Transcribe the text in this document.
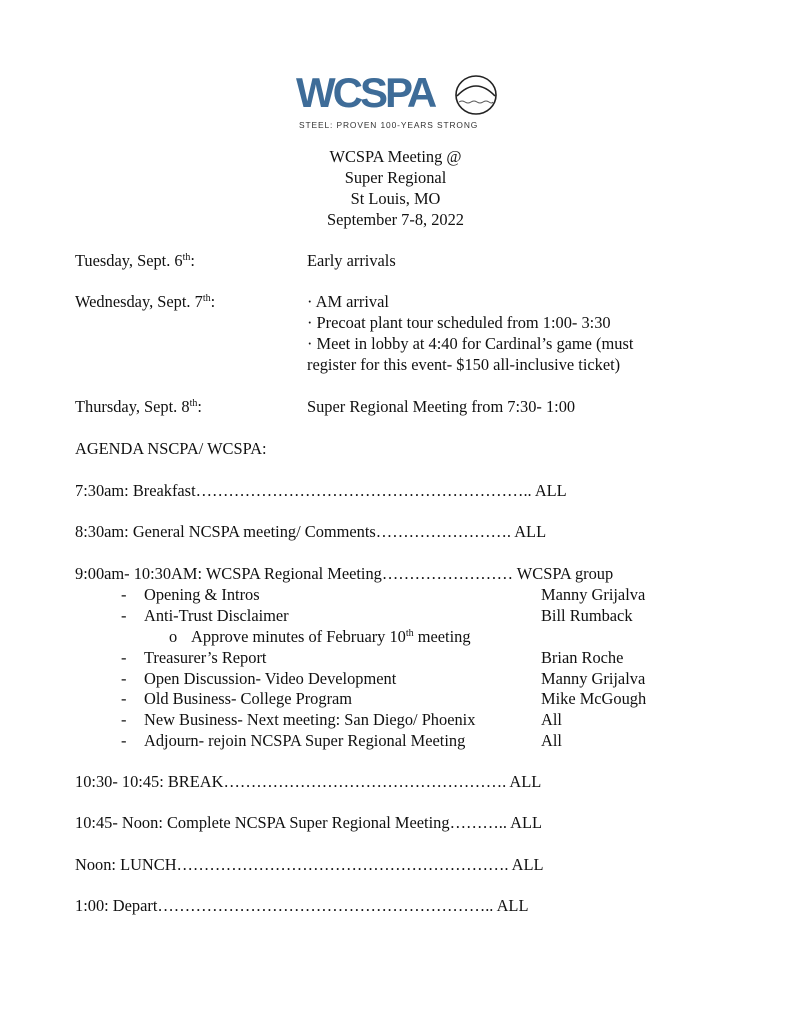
WCSPA
STEEL: PROVEN 100-YEARS STRONG
WCSPA Meeting @
Super Regional
St Louis, MO
September 7-8, 2022
Tuesday, Sept. 6th:	Early arrivals
Wednesday, Sept. 7th:	· AM arrival
· Precoat plant tour scheduled from 1:00- 3:30
· Meet in lobby at 4:40 for Cardinal’s game (must
register for this event- $150 all-inclusive ticket)
Thursday, Sept. 8th:	Super Regional Meeting from 7:30- 1:00
AGENDA NSCPA/ WCSPA:
7:30am: Breakfast…………………………………………………….. ALL
8:30am: General NCSPA meeting/ Comments……………………. ALL
9:00am- 10:30AM: WCSPA Regional Meeting…………………… WCSPA group
- Opening & Intros	Manny Grijalva
- Anti-Trust Disclaimer	Bill Rumback
o Approve minutes of February 10th meeting
- Treasurer’s Report	Brian Roche
- Open Discussion- Video Development	Manny Grijalva
- Old Business- College Program	Mike McGough
- New Business- Next meeting: San Diego/ Phoenix	All
- Adjourn- rejoin NCSPA Super Regional Meeting	All
10:30- 10:45: BREAK……………………………………………. ALL
10:45- Noon: Complete NCSPA Super Regional Meeting……….. ALL
Noon: LUNCH……………………………………………………. ALL
1:00: Depart…………………………………………………….. ALL
